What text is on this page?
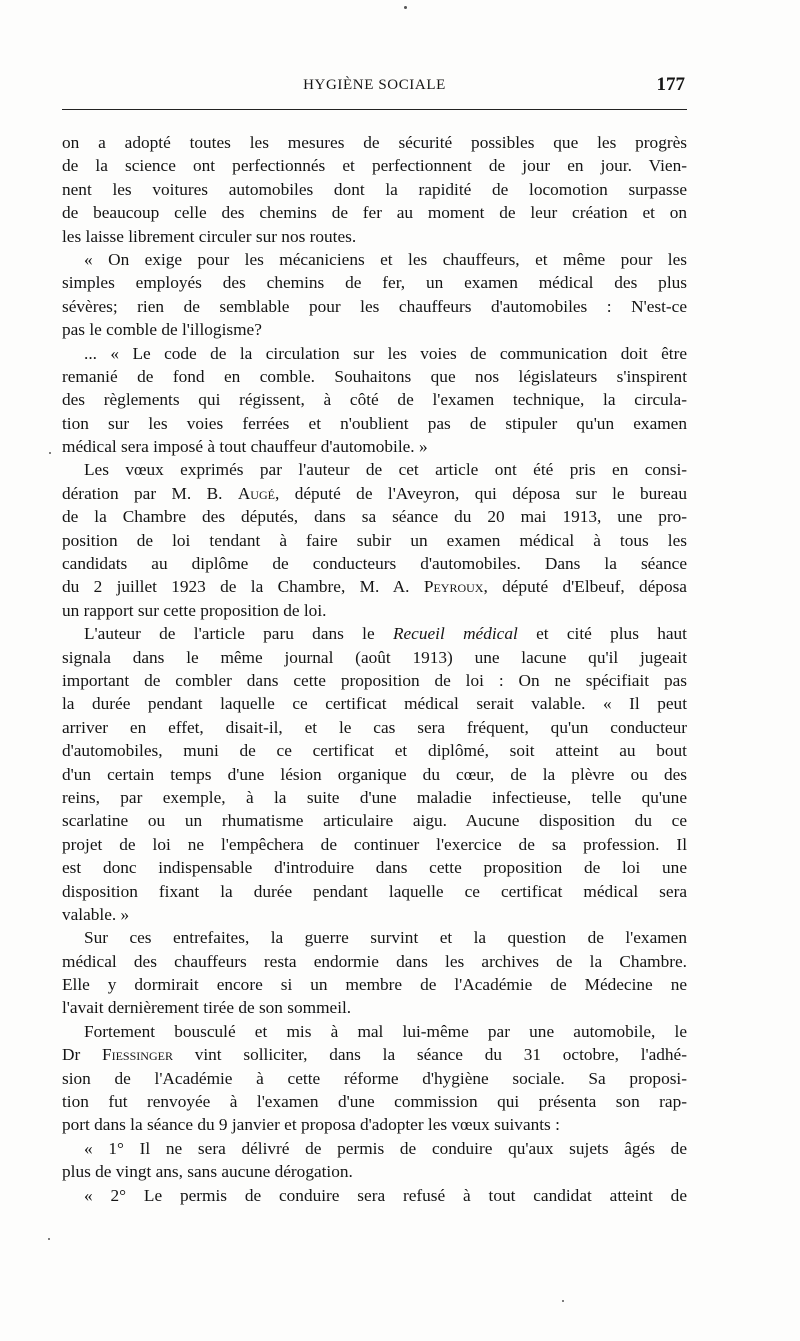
HYGIÈNE SOCIALE	177
on a adopté toutes les mesures de sécurité possibles que les progrès
de la science ont perfectionnés et perfectionnent de jour en jour. Vien-
nent les voitures automobiles dont la rapidité de locomotion surpasse
de beaucoup celle des chemins de fer au moment de leur création et on
les laisse librement circuler sur nos routes.
« On exige pour les mécaniciens et les chauffeurs, et même pour les
simples employés des chemins de fer, un examen médical des plus
sévères; rien de semblable pour les chauffeurs d'automobiles : N'est-ce
pas le comble de l'illogisme?
... « Le code de la circulation sur les voies de communication doit être
remanié de fond en comble. Souhaitons que nos législateurs s'inspirent
des règlements qui régissent, à côté de l'examen technique, la circula-
tion sur les voies ferrées et n'oublient pas de stipuler qu'un examen
médical sera imposé à tout chauffeur d'automobile. »
Les vœux exprimés par l'auteur de cet article ont été pris en consi-
dération par M. B. Augé, député de l'Aveyron, qui déposa sur le bureau
de la Chambre des députés, dans sa séance du 20 mai 1913, une pro-
position de loi tendant à faire subir un examen médical à tous les
candidats au diplôme de conducteurs d'automobiles. Dans la séance
du 2 juillet 1923 de la Chambre, M. A. Peyroux, député d'Elbeuf, déposa
un rapport sur cette proposition de loi.
L'auteur de l'article paru dans le Recueil médical et cité plus haut
signala dans le même journal (août 1913) une lacune qu'il jugeait
important de combler dans cette proposition de loi : On ne spécifiait pas
la durée pendant laquelle ce certificat médical serait valable. « Il peut
arriver en effet, disait-il, et le cas sera fréquent, qu'un conducteur
d'automobiles, muni de ce certificat et diplômé, soit atteint au bout
d'un certain temps d'une lésion organique du cœur, de la plèvre ou des
reins, par exemple, à la suite d'une maladie infectieuse, telle qu'une
scarlatine ou un rhumatisme articulaire aigu. Aucune disposition du ce
projet de loi ne l'empêchera de continuer l'exercice de sa profession. Il
est donc indispensable d'introduire dans cette proposition de loi une
disposition fixant la durée pendant laquelle ce certificat médical sera
valable. »
Sur ces entrefaites, la guerre survint et la question de l'examen
médical des chauffeurs resta endormie dans les archives de la Chambre.
Elle y dormirait encore si un membre de l'Académie de Médecine ne
l'avait dernièrement tirée de son sommeil.
Fortement bousculé et mis à mal lui-même par une automobile, le
Dr Fiessinger vint solliciter, dans la séance du 31 octobre, l'adhé-
sion de l'Académie à cette réforme d'hygiène sociale. Sa proposi-
tion fut renvoyée à l'examen d'une commission qui présenta son rap-
port dans la séance du 9 janvier et proposa d'adopter les vœux suivants :
« 1° Il ne sera délivré de permis de conduire qu'aux sujets âgés de
plus de vingt ans, sans aucune dérogation.
« 2° Le permis de conduire sera refusé à tout candidat atteint de
